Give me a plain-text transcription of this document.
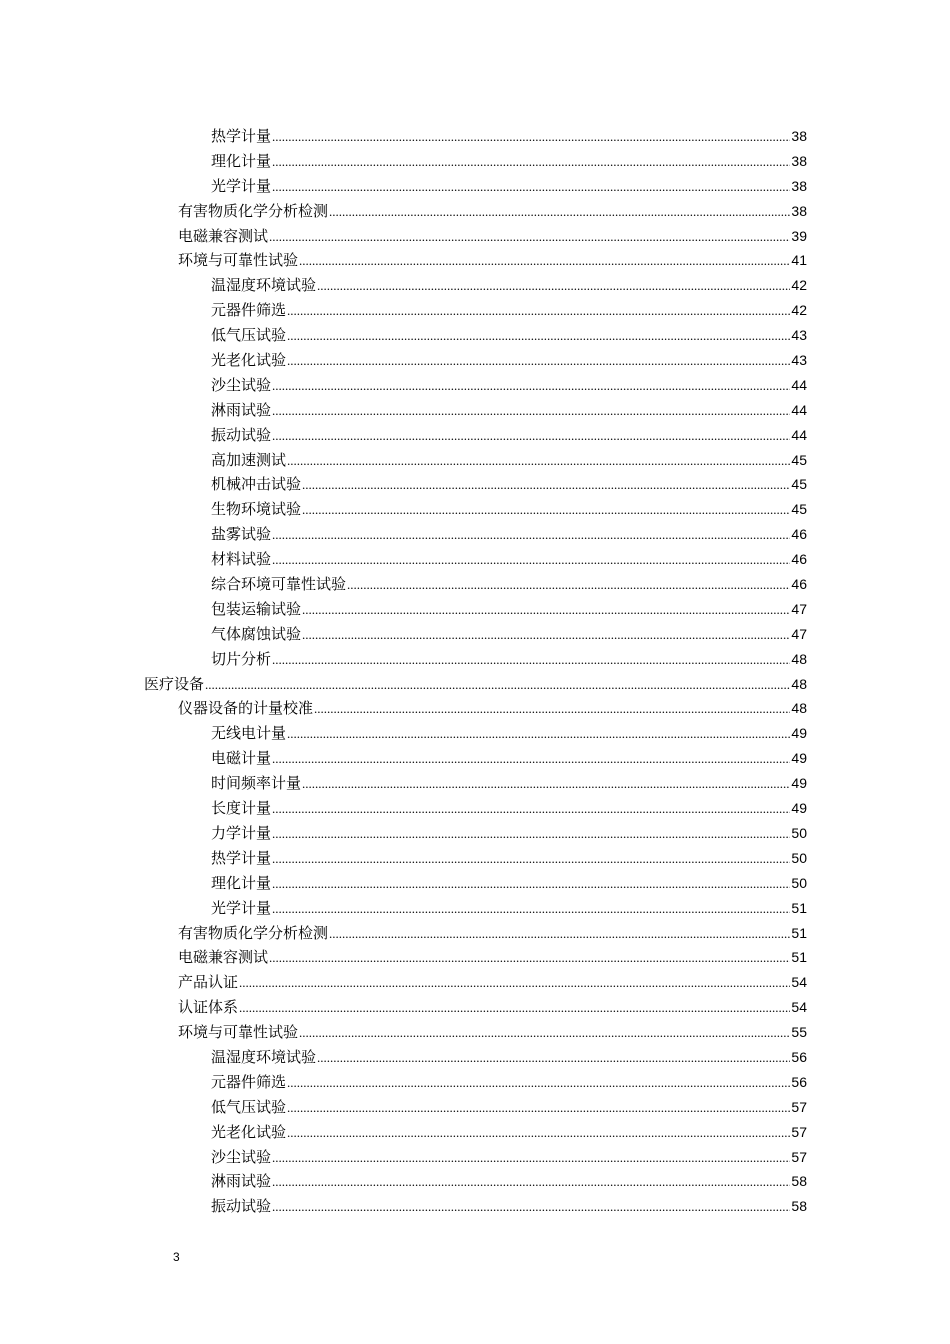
热学计量 .....	38
理化计量 .....	38
光学计量 .....	38
有害物质化学分析检测 .....	38
电磁兼容测试 .....	39
环境与可靠性试验 .....	41
温湿度环境试验 .....	42
元器件筛选 .....	42
低气压试验 .....	43
光老化试验 .....	43
沙尘试验 .....	44
淋雨试验 .....	44
振动试验 .....	44
高加速测试 .....	45
机械冲击试验 .....	45
生物环境试验 .....	45
盐雾试验 .....	46
材料试验 .....	46
综合环境可靠性试验 .....	46
包装运输试验 .....	47
气体腐蚀试验 .....	47
切片分析 .....	48
医疗设备 .....	48
仪器设备的计量校准 .....	48
无线电计量 .....	49
电磁计量 .....	49
时间频率计量 .....	49
长度计量 .....	49
力学计量 .....	50
热学计量 .....	50
理化计量 .....	50
光学计量 .....	51
有害物质化学分析检测 .....	51
电磁兼容测试 .....	51
产品认证 .....	54
认证体系 .....	54
环境与可靠性试验 .....	55
温湿度环境试验 .....	56
元器件筛选 .....	56
低气压试验 .....	57
光老化试验 .....	57
沙尘试验 .....	57
淋雨试验 .....	58
振动试验 .....	58
3
